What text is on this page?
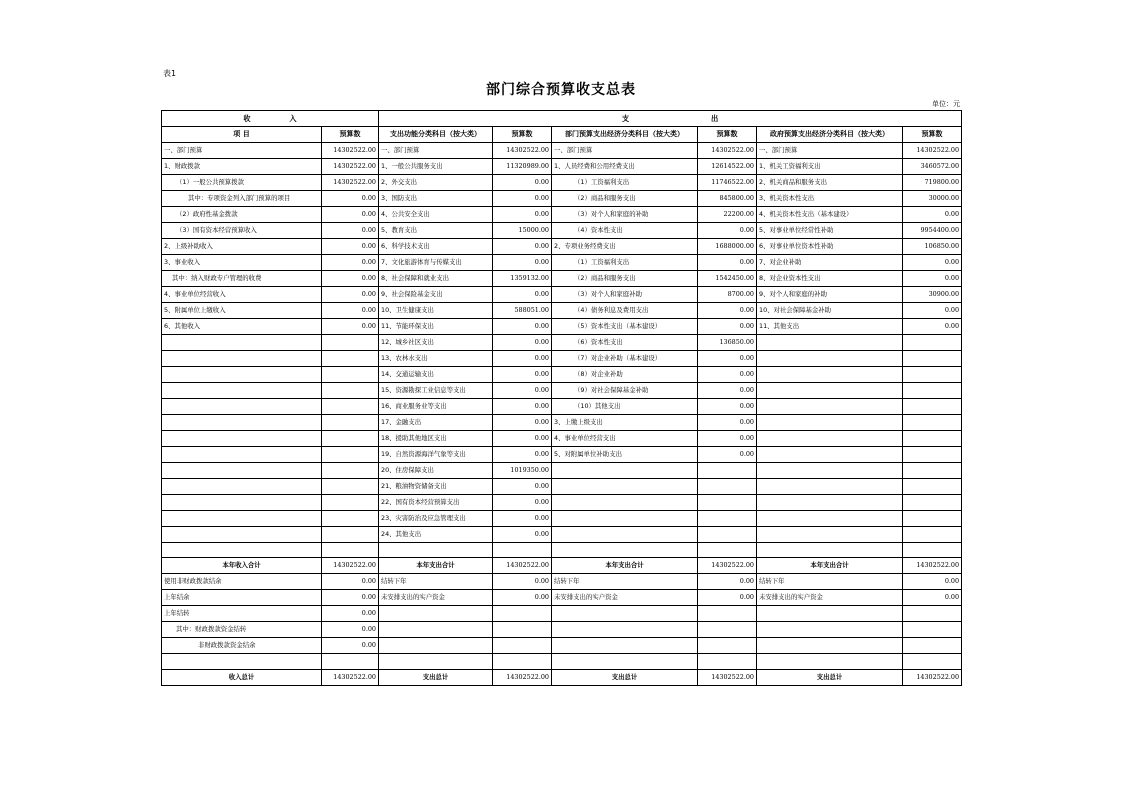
表1
部门综合预算收支总表
单位：元
收 入		支 出					

项 目	预算数	支出功能分类科目（按大类）	预算数	部门预算支出经济分类科目（按大类）	预算数	政府预算支出经济分类科目（按大类）	预算数
一、部门预算	14302522.00	一、部门预算	14302522.00	一、部门预算	14302522.00	一、部门预算	14302522.00
1、财政拨款	14302522.00	1、一般公共服务支出	11320989.00	1、人员经费和公用经费支出	12614522.00	1、机关工资福利支出	3460572.00
（1）一般公共预算拨款	14302522.00	2、外交支出	0.00	（1）工资福利支出	11746522.00	2、机关商品和服务支出	719800.00
其中：专项资金列入部门预算的项目	0.00	3、国防支出	0.00	（2）商品和服务支出	845800.00	3、机关资本性支出	30000.00
（2）政府性基金拨款	0.00	4、公共安全支出	0.00	（3）对个人和家庭的补助	22200.00	4、机关资本性支出（基本建设）	0.00
（3）国有资本经营预算收入	0.00	5、教育支出	15000.00	（4）资本性支出	0.00	5、对事业单位经常性补助	9954400.00
2、上级补助收入	0.00	6、科学技术支出	0.00	2、专项业务经费支出	1688000.00	6、对事业单位资本性补助	106850.00
3、事业收入	0.00	7、文化旅游体育与传媒支出	0.00	（1）工资福利支出	0.00	7、对企业补助	0.00
其中：纳入财政专户管理的收费	0.00	8、社会保障和就业支出	1359132.00	（2）商品和服务支出	1542450.00	8、对企业资本性支出	0.00
4、事业单位经营收入	0.00	9、社会保险基金支出	0.00	（3）对个人和家庭补助	8700.00	9、对个人和家庭的补助	30900.00
5、附属单位上缴收入	0.00	10、卫生健康支出	588051.00	（4）债务利息及费用支出	0.00	10、对社会保障基金补助	0.00
6、其他收入	0.00	11、节能环保支出	0.00	（5）资本性支出（基本建设）	0.00	11、其他支出	0.00
		12、城乡社区支出	0.00	（6）资本性支出	136850.00		
		13、农林水支出	0.00	（7）对企业补助（基本建设）	0.00		
		14、交通运输支出	0.00	（8）对企业补助	0.00		
		15、资源勘探工业信息等支出	0.00	（9）对社会保障基金补助	0.00		
		16、商业服务业等支出	0.00	（10）其他支出	0.00		
		17、金融支出	0.00	3、上缴上级支出	0.00		
		18、援助其他地区支出	0.00	4、事业单位经营支出	0.00		
		19、自然资源海洋气象等支出	0.00	5、对附属单位补助支出	0.00		
		20、住房保障支出	1019350.00				
		21、粮油物资储备支出	0.00				
		22、国有资本经营预算支出	0.00				
		23、灾害防治及应急管理支出	0.00				
		24、其他支出	0.00				

本年收入合计	14302522.00	本年支出合计	14302522.00	本年支出合计	14302522.00	本年支出合计	14302522.00
使用非财政拨款结余	0.00	结转下年	0.00	结转下年	0.00	结转下年	0.00
上年结余	0.00	未安排支出的实户资金	0.00	未安排支出的实户资金	0.00	未安排支出的实户资金	0.00
上年结转	0.00						
其中：财政拨款资金结转	0.00						
非财政拨款资金结余	0.00						

收入总计	14302522.00	支出总计	14302522.00	支出总计	14302522.00	支出总计	14302522.00
